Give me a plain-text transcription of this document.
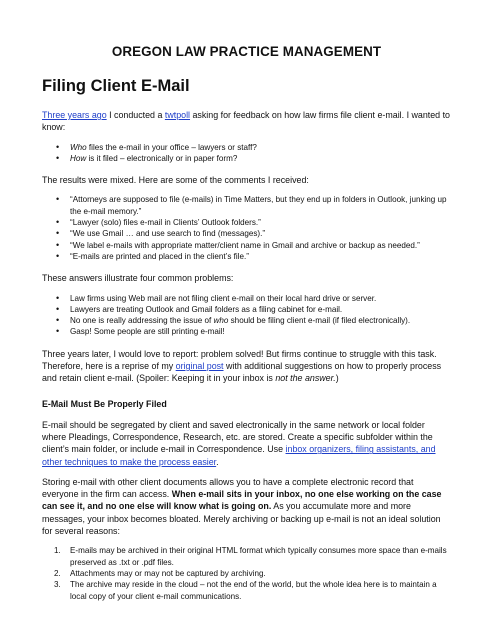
OREGON LAW PRACTICE MANAGEMENT
Filing Client E-Mail

Three years ago I conducted a twtpoll asking for feedback on how law firms file client e-mail. I wanted to know:

• Who files the e-mail in your office – lawyers or staff?
• How is it filed – electronically or in paper form?

The results were mixed. Here are some of the comments I received:

• “Attorneys are supposed to file (e-mails) in Time Matters, but they end up in folders in Outlook, junking up the e-mail memory.”
• “Lawyer (solo) files e-mail in Clients’ Outlook folders.”
• “We use Gmail … and use search to find (messages).”
• “We label e-mails with appropriate matter/client name in Gmail and archive or backup as needed.”
• “E-mails are printed and placed in the client’s file.”

These answers illustrate four common problems:

• Law firms using Web mail are not filing client e-mail on their local hard drive or server.
• Lawyers are treating Outlook and Gmail folders as a filing cabinet for e-mail.
• No one is really addressing the issue of who should be filing client e-mail (if filed electronically).
• Gasp! Some people are still printing e-mail!

Three years later, I would love to report: problem solved! But firms continue to struggle with this task. Therefore, here is a reprise of my original post with additional suggestions on how to properly process and retain client e-mail. (Spoiler: Keeping it in your inbox is not the answer.)

E-Mail Must Be Properly Filed

E-mail should be segregated by client and saved electronically in the same network or local folder where Pleadings, Correspondence, Research, etc. are stored. Create a specific subfolder within the client’s main folder, or include e-mail in Correspondence. Use inbox organizers, filing assistants, and other techniques to make the process easier.

Storing e-mail with other client documents allows you to have a complete electronic record that everyone in the firm can access. When e-mail sits in your inbox, no one else working on the case can see it, and no one else will know what is going on. As you accumulate more and more messages, your inbox becomes bloated. Merely archiving or backing up e-mail is not an ideal solution for several reasons:

1. E-mails may be archived in their original HTML format which typically consumes more space than e-mails preserved as .txt or .pdf files.
2. Attachments may or may not be captured by archiving.
3. The archive may reside in the cloud – not the end of the world, but the whole idea here is to maintain a local copy of your client e-mail communications.
